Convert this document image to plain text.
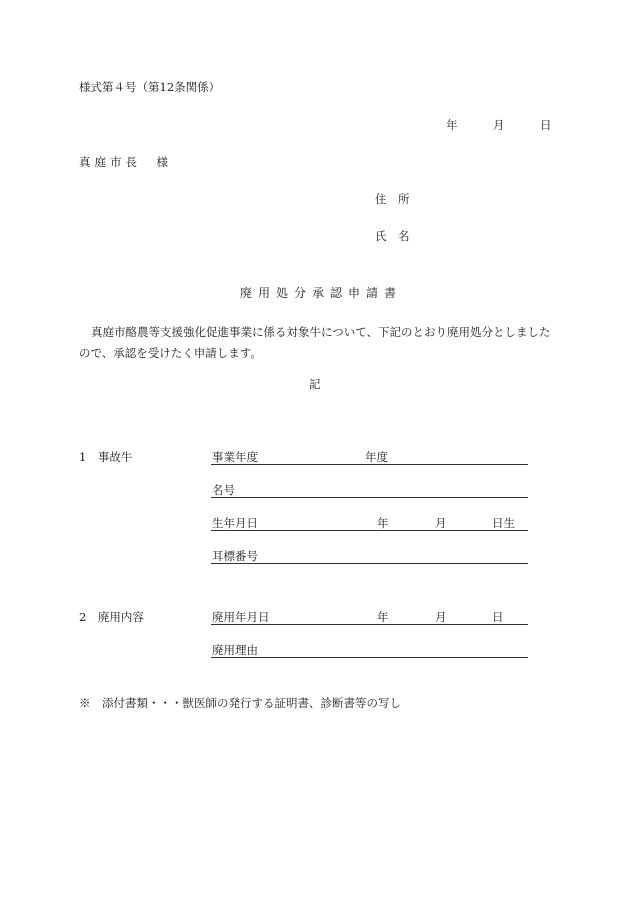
様式第４号（第12条関係）
年	月	日
真庭市長　様
住　所
氏　名
廃用処分承認申請書
真庭市酪農等支援強化促進事業に係る対象牛について、下記のとおり廃用処分としましたので、承認を受けたく申請します。
記
1　事故牛	事業年度	年度
名号
生年月日	年	月	日生
耳標番号
2　廃用内容	廃用年月日	年	月	日
廃用理由
※　添付書類・・・獣医師の発行する証明書、診断書等の写し
